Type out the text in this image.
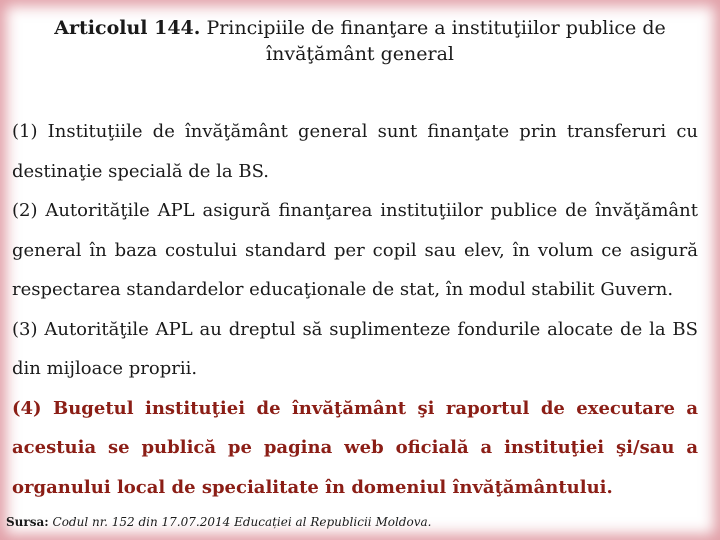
Articolul 144. Principiile de finanţare a instituţiilor publice de
învăţământ general

(1) Instituţiile de învăţământ general sunt finanţate prin transferuri cu destinaţie specială de la BS.

(2) Autorităţile APL asigură finanţarea instituţiilor publice de învăţământ general în baza costului standard per copil sau elev, în volum ce asigură respectarea standardelor educaţionale de stat, în modul stabilit Guvern.

(3) Autorităţile APL au dreptul să suplimenteze fondurile alocate de la BS din mijloace proprii.

(4) Bugetul instituţiei de învăţământ şi raportul de executare a acestuia se publică pe pagina web oficială a instituţiei şi/sau a organului local de specialitate în domeniul învăţământului.

Sursa: Codul nr. 152 din 17.07.2014 Educației al Republicii Moldova.
